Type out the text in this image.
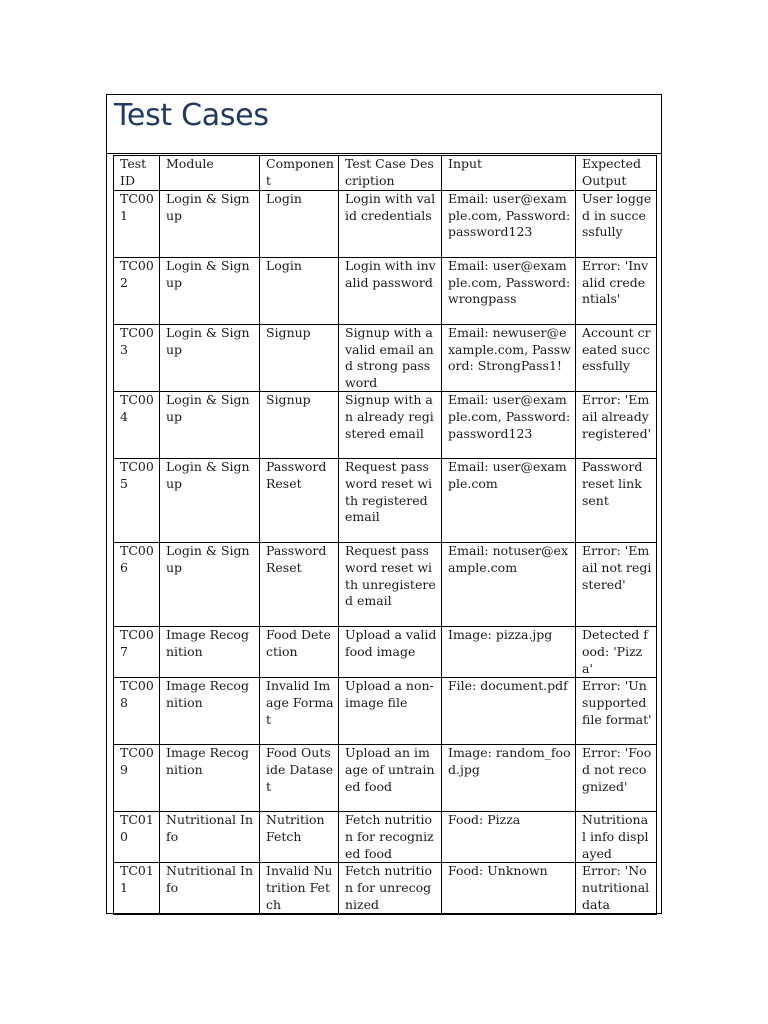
Test Cases
Test ID	Module	Component	Test Case Description	Input	Expected Output
TC001	Login & Signup	Login	Login with valid credentials	Email: user@example.com, Password: password123	User logged in successfully
TC002	Login & Signup	Login	Login with invalid password	Email: user@example.com, Password: wrongpass	Error: 'Invalid credentials'
TC003	Login & Signup	Signup	Signup with a valid email and strong password	Email: newuser@example.com, Password: StrongPass1!	Account created successfully
TC004	Login & Signup	Signup	Signup with an already registered email	Email: user@example.com, Password: password123	Error: 'Email already registered'
TC005	Login & Signup	Password Reset	Request password reset with registered email	Email: user@example.com	Password reset link sent
TC006	Login & Signup	Password Reset	Request password reset with unregistered email	Email: notuser@example.com	Error: 'Email not registered'
TC007	Image Recognition	Food Detection	Upload a valid food image	Image: pizza.jpg	Detected food: 'Pizza'
TC008	Image Recognition	Invalid Image Format	Upload a non-image file	File: document.pdf	Error: 'Unsupported file format'
TC009	Image Recognition	Food Outside Dataset	Upload an image of untrained food	Image: random_food.jpg	Error: 'Food not recognized'
TC010	Nutritional Info	Nutrition Fetch	Fetch nutrition for recognized food	Food: Pizza	Nutritional info displayed
TC011	Nutritional Info	Invalid Nutrition Fetch	Fetch nutrition for unrecognized	Food: Unknown	Error: 'No nutritional data
